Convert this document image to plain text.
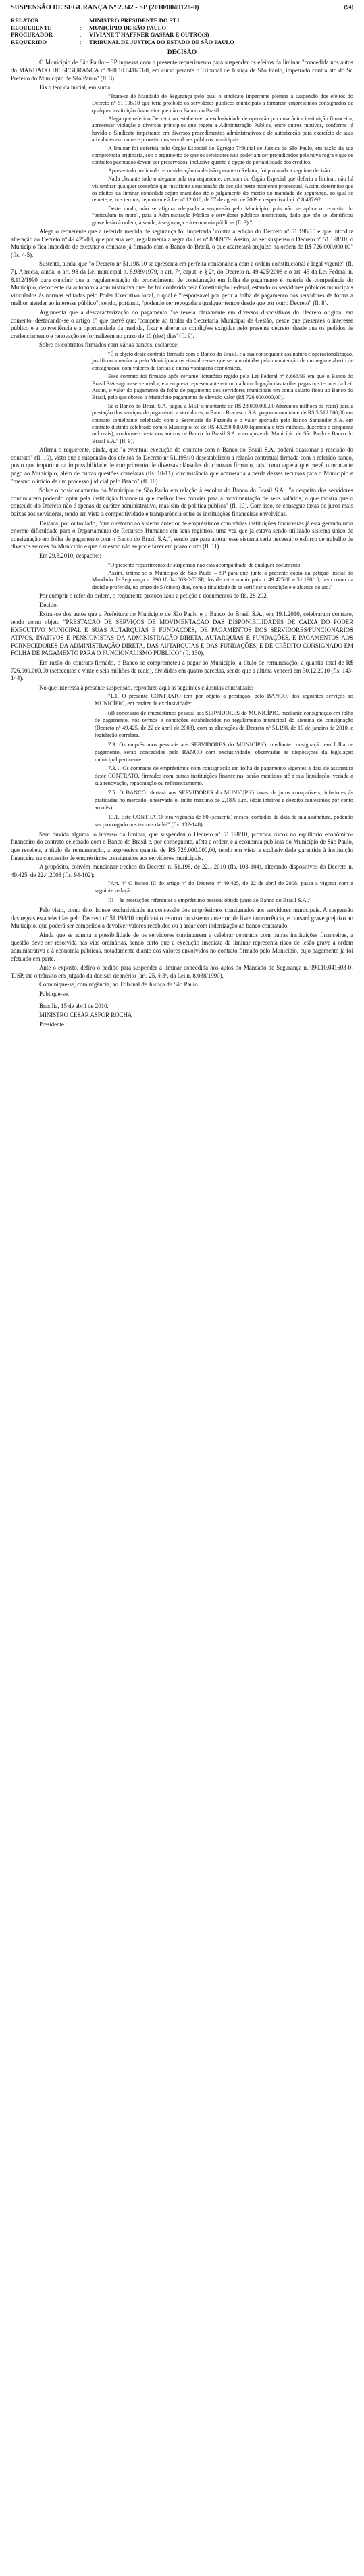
SUSPENSÃO DE SEGURANÇA Nº 2.342 - SP (2010/0049128-0)	(94)
RELATOR	:	MINISTRO PRESIDENTE DO STJ
REQUERENTE	:	MUNICÍPIO DE SÃO PAULO
PROCURADOR	:	VIVIANE T HAFFNER GASPAR E OUTRO(S)
REQUERIDO	:	TRIBUNAL DE JUSTIÇA DO ESTADO DE SÃO PAULO
DECISÃO

O Município de São Paulo – SP ingressa com o presente requerimento para suspender os efeitos da liminar "concedida nos autos do MANDADO DE SEGURANÇA nº 990.10.041603-0, em curso perante o Tribunal de Justiça de São Paulo, impetrado contra ato do Sr. Prefeito do Município de São Paulo" (fl. 3).

Eis o teor da inicial, em suma:

"Trata-se de Mandado de Segurança pelo qual o sindicato impetrante pleiteia a suspensão dos efeitos do Decreto nº 51.198/10 que teria prolbido os servidores públicos municipais a tomarem empréstimos consignados de qualquer instituição financeira que não o Banco do Brasil.

Alega que referido Decreto, ao estabelecer a exclusividade de operação por uma única instituição financeira, apresentar violação a diversos princípios que regem a Administração Pública, entre outros motivos, conforme já havido o Sindicato impetrante em diversos procedimentos administrativos e de autorização para exercício de suas atividades em nome e proveito dos servidores públicos municipais.

A liminar foi deferida pelo Órgão Especial do Egrégio Tribunal de Justiça de São Paulo, em razão da sua competência originária, sob o argumento de que os servidores não poderiam ser prejudicados pela nova regra e que os contratos pactuados devem ser preservados, inclusive quanto à opção de portabilidade dos créditos.

Apresentado pedido de reconsideração da decisão perante o Relator, foi prolatada a seguinte decisão:

Nada obstante todo o alegado pela ora requerente, decisum do Órgão Especial que deferiu a liminar, não há vislumbrar qualquer conteúdo que justifique a suspensão da decisão neste momento processual. Assim, determino que os efeitos da liminar concedida sejam mantidos até o julgamento do mérito do mandado de segurança, ao qual se remete, e, nos termos, reporto-me à Lei nº 12.016, de 07 de agosto de 2009 e respectiva Lei nº 8.437/92.

Deste modo, não se afigura adequada a suspensão pelo Município, pois não se aplica o requisito do "periculum in mora", para a Administração Pública e servidores públicos municipais, dado que não se identificou grave lesão à ordem, à saúde, à segurança e à economia públicas (fl. 3)."

Alega o requerente que a referida medida de segurança foi impetrada "contra a edição do Decreto nº 51.198/10 e que introduz alteração ao Decreto nº 49.425/08, que por sua vez, regulamenta a regra da Lei nº 8.989/79. Assim, ao ser suspenso o Decreto nº 51.198/10, o Município fica impedido de executar o contrato já firmado com o Banco do Brasil, o que acarretará prejuízo na ordem de R$ 726.000.000,00" (fls. 4-5).

Sustenta, ainda, que "o Decreto nº 51.198/10 se apresenta em perfeita consonância com a ordem constitucional e legal vigente" (fl. 7). Aprecia, ainda, o art. 98 da Lei municipal n. 8.989/1979, o art. 7º, caput, e § 2º, do Decreto n. 49.425/2008 e o art. 45 da Lei Federal n. 8.112/1990 para concluir que a regulamentação do procedimento de consignação em folha de pagamento é matéria de competência do Município, decorrente da autonomia administrativa que lhe foi conferida pela Constituição Federal, estando os servidores públicos municipais vinculados às normas editadas pelo Poder Executivo local, o qual é "responsável por gerir a folha de pagamento dos servidores de forma a melhor atender ao interesse público", sendo, portanto, "podendo ser revogada a qualquer tempo desde que por outro Decreto" (fl. 8).

Argumenta que a descaracterização do pagamento "se revela claramente em diversos dispositivos do Decreto original em comento, destacando-se o artigo 8º que prevê que: 'compete ao titular da Secretaria Municipal de Gestão, desde que presentes o interesse público e a conveniência e a oportunidade da medida, fixar e alterar as condições exigidas pelo presente decreto, desde que os pedidos de credenciamento e renovação se formalizem no prazo de 10 (dez) dias' (fl. 9).

Sobre os contratos firmados com várias bancos, esclarece:

"É o objeto deste contrato firmado com o Banco do Brasil, e a sua consequente assinatura e operacionalização, justificou a renúncia pelo Município a receitas diversas que seriam obtidas pela manutenção de um regime aberto de consignação, com valores de tarifas e outras vantagens econômicas.

Esse contrato foi firmado após certame licitatório regido pela Lei Federal nº 8.666/93 em que o Banco do Brasil S/A sagrou-se vencedor, e a empresa representante entrou na homologação das tarifas pagas nos termos da Lei. Assim, o valor do pagamento da folha de pagamento dos servidores municipais em conta salário ficou ao Banco do Brasil, pelo que obteve o Município pagamento de elevado valor (R$ 726.000.000,00).

Se o Banco do Brasil S.A. pagou à MSP o montante de R$ 28.000.000,00 (duzentos milhões de reais) para a prestação dos serviços de pagamento a servidores, o Banco Bradesco S.A. pagou o montante de R$ 5.512.000,00 em contrato semelhante celebrado com a Secretaria de Fazenda e o valor aportado pelo Banco Santander S.A. em contrato distinto celebrado com o Município foi de R$ 43.250.000,00 (quarenta e três milhões, duzentos e cinquenta mil reais), conforme consta nos anexos de Banco do Brasil S.A. e ao ajuste do Município de São Paulo e Banco do Brasil S.A." (fl. 9).

Afirma o requerente, ainda, que "a eventual execução do contrato com o Banco do Brasil S.A. poderá ocasionar a rescisão do contrato" (fl. 10), visto que a suspensão dos efeitos do Decreto nº 51.198/10 desestabilizou a relação contratual firmada com o referido banco, posto que importou na impossibilidade de cumprimento de diversas cláusulas do contrato firmado, tais como aquela que prevê o montante pago ao Município, além de outras questões correlatas (fls. 10-11), circunstância que acarretaria a perda desses recursos para o Município e "mesmo o início de um processo judicial pelo Banco" (fl. 10).

Sobre o posicionamento do Município de São Paulo em relação à escolha do Banco do Brasil S.A., "a despeito dos servidores continuarem podendo optar pela instituição financeira que melhor lhes convier para a movimentação de seus salários, o que mostra que o conteúdo do Decreto não é apenas de caráter administrativo, mas sim de política pública" (fl. 10). Com isso, se consegue taxas de juros mais baixas aos servidores, tendo em vista a competitividade e transparência entre as instituições financeiras envolvidas.

Destaca, por outro lado, "que o retorno ao sistema anterior de empréstimos com várias instituições financeiras já está gerando uma enorme dificuldade para o Departamento de Recursos Humanos em seus registros, uma vez que já estava sendo utilizado sistema único de consignação em folha de pagamento com o Banco do Brasil S.A.", sendo que para alterar esse sistema seria necessário esforço de trabalho de diversos setores do Município e que o mesmo não se pode fazer em prazo curto (fl. 11).

Em 29.3.2010, despachei:

"O presente requerimento de suspensão não está acompanhado de qualquer documento.

Assim, intime-se o Município de São Paulo – SP para que junte a presente cópia da petição inicial do Mandado de Segurança n. 990.10.041603-0-TJSP, dos decretos municipais n. 49.425/08 e 51.198/10, bem como da decisão proferida, no prazo de 5 (cinco) dias, com a finalidade de se verificar a condição e o alcance do ato."

Por cumprir o referido ordem, o requerente protocolizou a petição e documentos de fls. 28-202.

Decido.

Extrai-se dos autos que a Prefeitura do Município de São Paulo e o Banco do Brasil S.A., em 19.1.2010, celebraram contrato, tendo como objeto "PRESTAÇÃO DE SERVIÇOS DE MOVIMENTAÇÃO DAS DISPONIBILIDADES DE CAIXA DO PODER EXECUTIVO MUNICIPAL E SUAS AUTARQUIAS E FUNDAÇÕES, DE PAGAMENTOS DOS SERVIDORES/FUNCIONÁRIOS ATIVOS, INATIVOS E PENSIONISTAS DA ADMINISTRAÇÃO DIRETA, AUTARQUIAS E FUNDAÇÕES, E PAGAMENTOS AOS FORNECEDORES DA ADMINISTRAÇÃO DIRETA, DAS AUTARQUIAS E DAS FUNDAÇÕES, E DE CRÉDITO CONSIGNADO EM FOLHA DE PAGAMENTO PARA O FUNCIONALISMO PÚBLICO" (fl. 130).

Em razão do contrato firmado, o Banco se comprometeu a pagar ao Município, a título de remuneração, a quantia total de R$ 726.000.000,00 (setecentos e vinte e seis milhões de reais), divididos em quatro parcelas, sendo que a última vencerá em 30.12.2010 (fls. 143-144).

No que interessa à presente suspensão, reproduzo aqui as seguintes cláusulas contratuais:

"1.1. O presente CONTRATO tem por objeto a prestação, pelo BANCO, dos seguintes serviços ao MUNICÍPIO, em caráter de exclusividade:

(d) concessão de empréstimos pessoal aos SERVIDORES do MUNICÍPIO, mediante consignação em folha de pagamento, nos termos e condições estabelecidos no regulamento municipal do sistema de consignação (Decreto nº 49.425, de 22 de abril de 2008), com as alterações do Decreto nº 51.198, de 10 de janeiro de 2010, e legislação correlata.

7.3. Os empréstimos pessoais aos SERVIDORES do MUNICÍPIO, mediante consignação em folha de pagamento, serão concedidos pelo BANCO com exclusividade, observadas as disposições da legislação municipal pertinente.

7.3.1. Os contratos de empréstimos com consignação em folha de pagamento vigentes à data de assinatura deste CONTRATO, firmados com outras instituições financeiras, serão mantidos até a sua liquidação, vedada a sua renovação, repactuação ou refinanciamento.

7.5. O BANCO ofertará aos SERVIDORES do MUNICÍPIO taxas de juros compatíveis, inferiores às praticadas no mercado, observado o limite máximo de 2,18% a.m. (dois inteiros e dezoito centésimos por cento ao mês).

13.1. Este CONTRATO terá vigência de 60 (sessenta) meses, contados da data de sua assinatura, podendo ser prorrogado nos termos da lei" (fls. 132-148).

Sem dúvida alguma, o inverso da liminar, que suspendeu o Decreto nº 51.198/10, provoca riscos no equilíbrio econômico-financeiro do contrato celebrado com o Banco do Brasil e, por conseguinte, afeta a ordem e a economia públicas do Município de São Paulo, que recebeu, a título de remuneração, a expressiva quantia de R$ 726.000.000,00, tendo em vista a exclusividade garantida à instituição financeira na concessão de empréstimos consignados aos servidores municipais.

A propósito, convém mencionar trechos do Decreto n. 51.198, de 22.1.2010 (fls. 103-104), alterando dispositivos do Decreto n. 49.425, de 22.4.2008 (fls. 94-102):

"Art. 4º O inciso III do artigo 4º do Decreto nº 49.425, de 22 de abril de 2008, passa a vigorar com a seguinte redação:

III – às prestações referentes a empréstimo pessoal obtido junto ao Banco do Brasil S.A.;"

Pelo visto, como dito, houve exclusividade na concessão dos empréstimos consignados aos servidores municipais. A suspensão das regras estabelecidas pelo Decreto nº 51.198/10 implicará o retorno do sistema anterior, de livre concorrência, e causará grave prejuízo ao Município, que poderá ser compelido a devolver valores recebidos ou a arcar com indenização ao banco contratado.

Ainda que se admita a possibilidade de os servidores continuarem a celebrar contratos com outras instituições financeiras, a questão deve ser resolvida nas vias ordinárias, sendo certo que a execução imediata da liminar representa risco de lesão grave à ordem administrativa e à economia públicas, notadamente diante dos valores envolvidos no contrato firmado pelo Município, cujo pagamento já foi efetuado em parte.

Ante o exposto, defiro o pedido para suspender a liminar concedida nos autos do Mandado de Segurança n. 990.10.041603-0-TJSP, até o trânsito em julgado da decisão de mérito (art. 25, § 3º, da Lei n. 8.038/1990).

Comunique-se, com urgência, ao Tribunal de Justiça de São Paulo.

Publique-se.

Brasília, 15 de abril de 2010.

MINISTRO CESAR ASFOR ROCHA

Presidente
